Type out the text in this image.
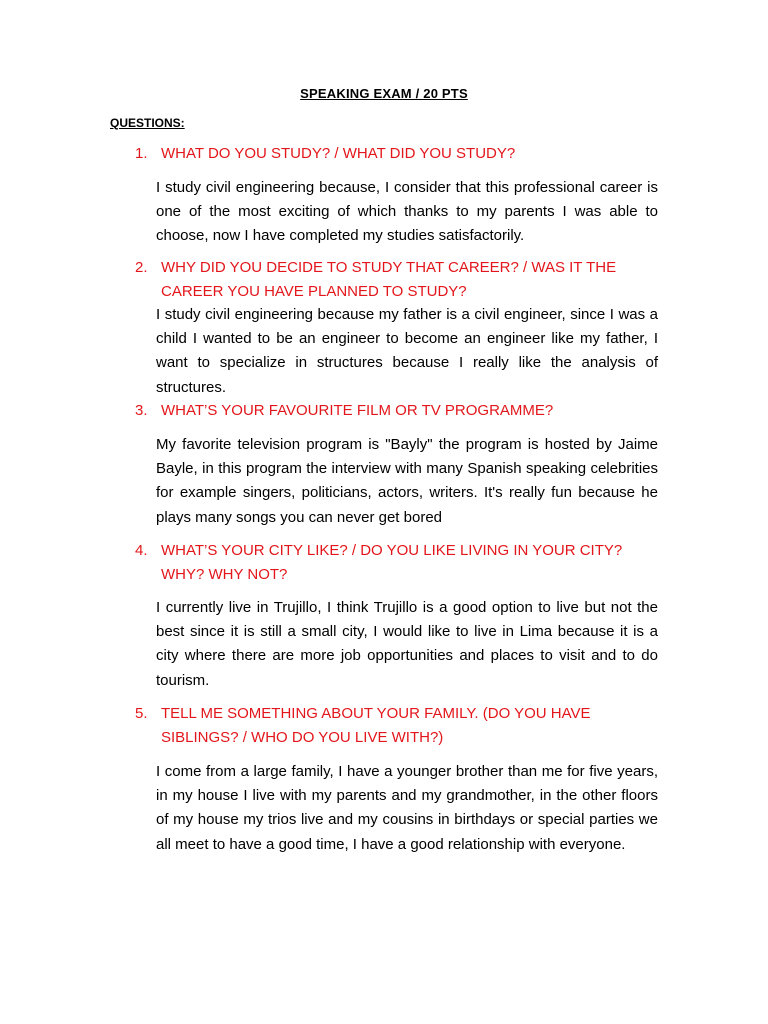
SPEAKING EXAM / 20 PTS
QUESTIONS:
1. WHAT DO YOU STUDY? / WHAT DID YOU STUDY?
I study civil engineering because, I consider that this professional career is one of the most exciting of which thanks to my parents I was able to choose, now I have completed my studies satisfactorily.
2. WHY DID YOU DECIDE TO STUDY THAT CAREER? / WAS IT THE
CAREER YOU HAVE PLANNED TO STUDY?
I study civil engineering because my father is a civil engineer, since I was a child I wanted to be an engineer to become an engineer like my father, I want to specialize in structures because I really like the analysis of structures.
3. WHAT’S YOUR FAVOURITE FILM OR TV PROGRAMME?
My favorite television program is "Bayly" the program is hosted by Jaime Bayle, in this program the interview with many Spanish speaking celebrities for example singers, politicians, actors, writers. It's really fun because he plays many songs you can never get bored
4. WHAT’S YOUR CITY LIKE? / DO YOU LIKE LIVING IN YOUR CITY?
WHY? WHY NOT?
I currently live in Trujillo, I think Trujillo is a good option to live but not the best since it is still a small city, I would like to live in Lima because it is a city where there are more job opportunities and places to visit and to do tourism.
5. TELL ME SOMETHING ABOUT YOUR FAMILY. (DO YOU HAVE
SIBLINGS? / WHO DO YOU LIVE WITH?)
I come from a large family, I have a younger brother than me for five years, in my house I live with my parents and my grandmother, in the other floors of my house my trios live and my cousins in birthdays or special parties we all meet to have a good time, I have a good relationship with everyone.
